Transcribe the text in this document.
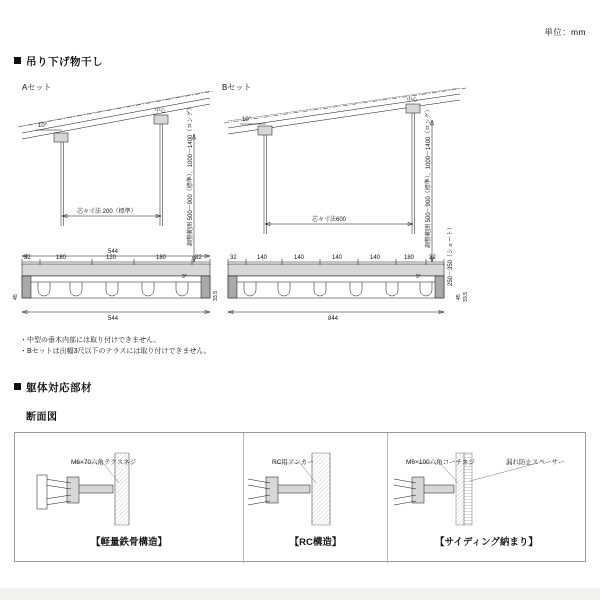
単位：mm
吊り下げ物干し
Aセット	Bセット
10°
中心
芯々寸法 200（標準）
544
32	180	120	180	32
544
9°
調整範囲 500～900（標準）、1000～1400（ロング）
45	33.5
10°
中心
芯々寸法600
32	140	140	140	140	180 32
844
9°
調整範囲 500～900（標準）、1000～1400（ロング）
250～350（ショート）
45 33.5
・中型の垂木内部には取り付けできません。
・Bセットは出幅3尺以下のテラスには取り付けできません。
躯体対応部材
断面図
M6×70六角テクスネジ
【軽量鉄骨構造】
RC用アンカー
【RC構造】
M6×100六角コーチネジ	漏れ防止スペーサー
【サイディング納まり】
